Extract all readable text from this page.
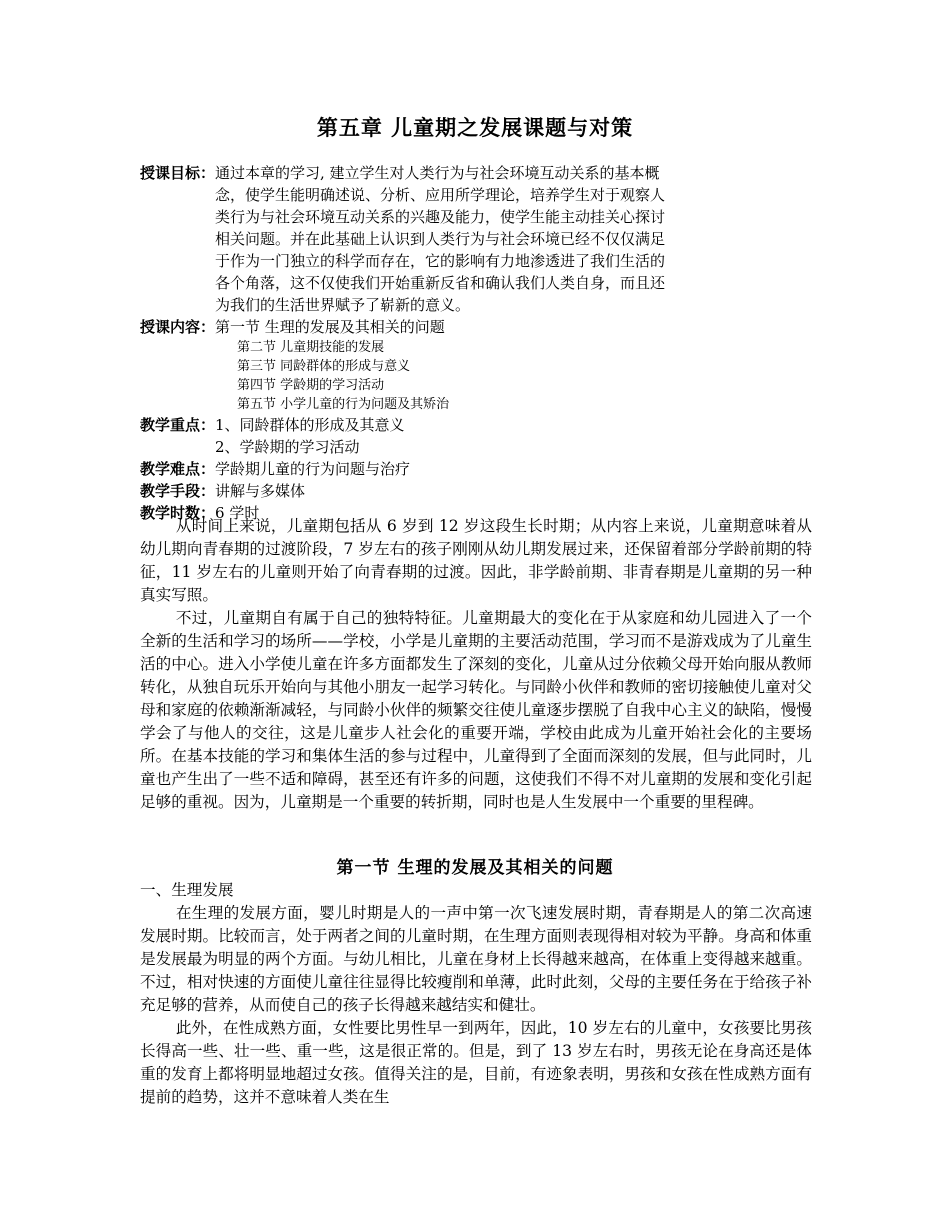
第五章 儿童期之发展课题与对策
授课目标： 通过本章的学习, 建立学生对人类行为与社会环境互动关系的基本概
念，使学生能明确述说、分析、应用所学理论，培养学生对于观察人
类行为与社会环境互动关系的兴趣及能力，使学生能主动挂关心探讨
相关问题。并在此基础上认识到人类行为与社会环境已经不仅仅满足
于作为一门独立的科学而存在，它的影响有力地渗透进了我们生活的
各个角落，这不仅使我们开始重新反省和确认我们人类自身，而且还
为我们的生活世界赋予了崭新的意义。
授课内容： 第一节 生理的发展及其相关的问题
第二节 儿童期技能的发展
第三节 同龄群体的形成与意义
第四节 学龄期的学习活动
第五节 小学儿童的行为问题及其矫治
教学重点： 1、同龄群体的形成及其意义
2、学龄期的学习活动
教学难点： 学龄期儿童的行为问题与治疗
教学手段： 讲解与多媒体
教学时数： 6 学时

从时间上来说，儿童期包括从 6 岁到 12 岁这段生长时期；从内容上来说，儿童期意味着从幼儿期向青春期的过渡阶段，7 岁左右的孩子刚刚从幼儿期发展过来，还保留着部分学龄前期的特征，11 岁左右的儿童则开始了向青春期的过渡。因此，非学龄前期、非青春期是儿童期的另一种真实写照。

不过，儿童期自有属于自己的独特特征。儿童期最大的变化在于从家庭和幼儿园进入了一个全新的生活和学习的场所——学校，小学是儿童期的主要活动范围，学习而不是游戏成为了儿童生活的中心。进入小学使儿童在许多方面都发生了深刻的变化，儿童从过分依赖父母开始向服从教师转化，从独自玩乐开始向与其他小朋友一起学习转化。与同龄小伙伴和教师的密切接触使儿童对父母和家庭的依赖渐渐减轻，与同龄小伙伴的频繁交往使儿童逐步摆脱了自我中心主义的缺陷，慢慢学会了与他人的交往，这是儿童步人社会化的重要开端，学校由此成为儿童开始社会化的主要场所。在基本技能的学习和集体生活的参与过程中，儿童得到了全面而深刻的发展，但与此同时，儿童也产生出了一些不适和障碍，甚至还有许多的问题，这使我们不得不对儿童期的发展和变化引起足够的重视。因为，儿童期是一个重要的转折期，同时也是人生发展中一个重要的里程碑。

第一节 生理的发展及其相关的问题
一、生理发展

在生理的发展方面，婴儿时期是人的一声中第一次飞速发展时期，青春期是人的第二次高速发展时期。比较而言，处于两者之间的儿童时期，在生理方面则表现得相对较为平静。身高和体重是发展最为明显的两个方面。与幼儿相比，儿童在身材上长得越来越高，在体重上变得越来越重。不过，相对快速的方面使儿童往往显得比较瘦削和单薄，此时此刻，父母的主要任务在于给孩子补充足够的营养，从而使自己的孩子长得越来越结实和健壮。

此外，在性成熟方面，女性要比男性早一到两年，因此，10 岁左右的儿童中，女孩要比男孩长得高一些、壮一些、重一些，这是很正常的。但是，到了 13 岁左右时，男孩无论在身高还是体重的发育上都将明显地超过女孩。值得关注的是，目前，有迹象表明，男孩和女孩在性成熟方面有提前的趋势，这并不意味着人类在生
